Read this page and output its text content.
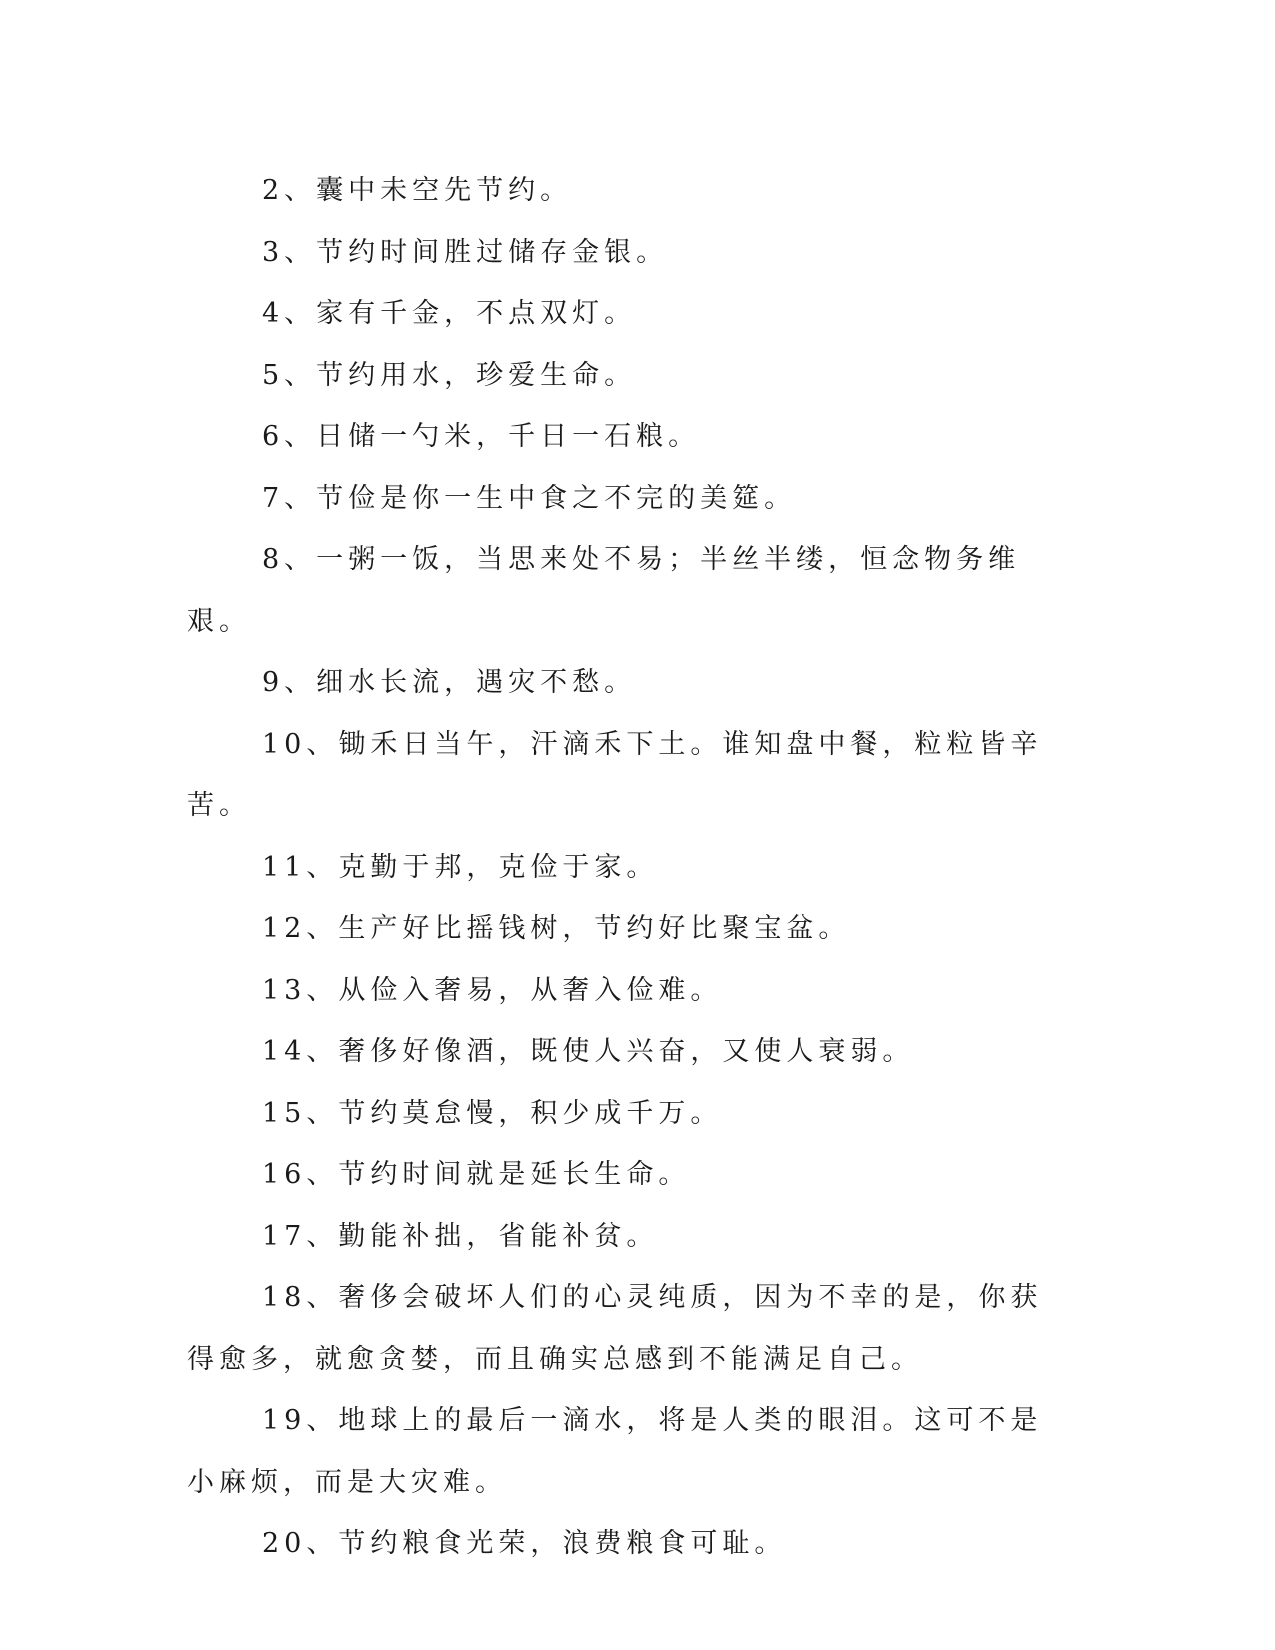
2、囊中未空先节约。

3、节约时间胜过储存金银。

4、家有千金，不点双灯。

5、节约用水，珍爱生命。

6、日储一勺米，千日一石粮。

7、节俭是你一生中食之不完的美筵。

8、一粥一饭，当思来处不易；半丝半缕，恒念物务维艰。

9、细水长流，遇灾不愁。

10、锄禾日当午，汗滴禾下土。谁知盘中餐，粒粒皆辛苦。

11、克勤于邦，克俭于家。

12、生产好比摇钱树，节约好比聚宝盆。

13、从俭入奢易，从奢入俭难。

14、奢侈好像酒，既使人兴奋，又使人衰弱。

15、节约莫怠慢，积少成千万。

16、节约时间就是延长生命。

17、勤能补拙，省能补贫。

18、奢侈会破坏人们的心灵纯质，因为不幸的是，你获得愈多，就愈贪婪，而且确实总感到不能满足自己。

19、地球上的最后一滴水，将是人类的眼泪。这可不是小麻烦，而是大灾难。

20、节约粮食光荣，浪费粮食可耻。
